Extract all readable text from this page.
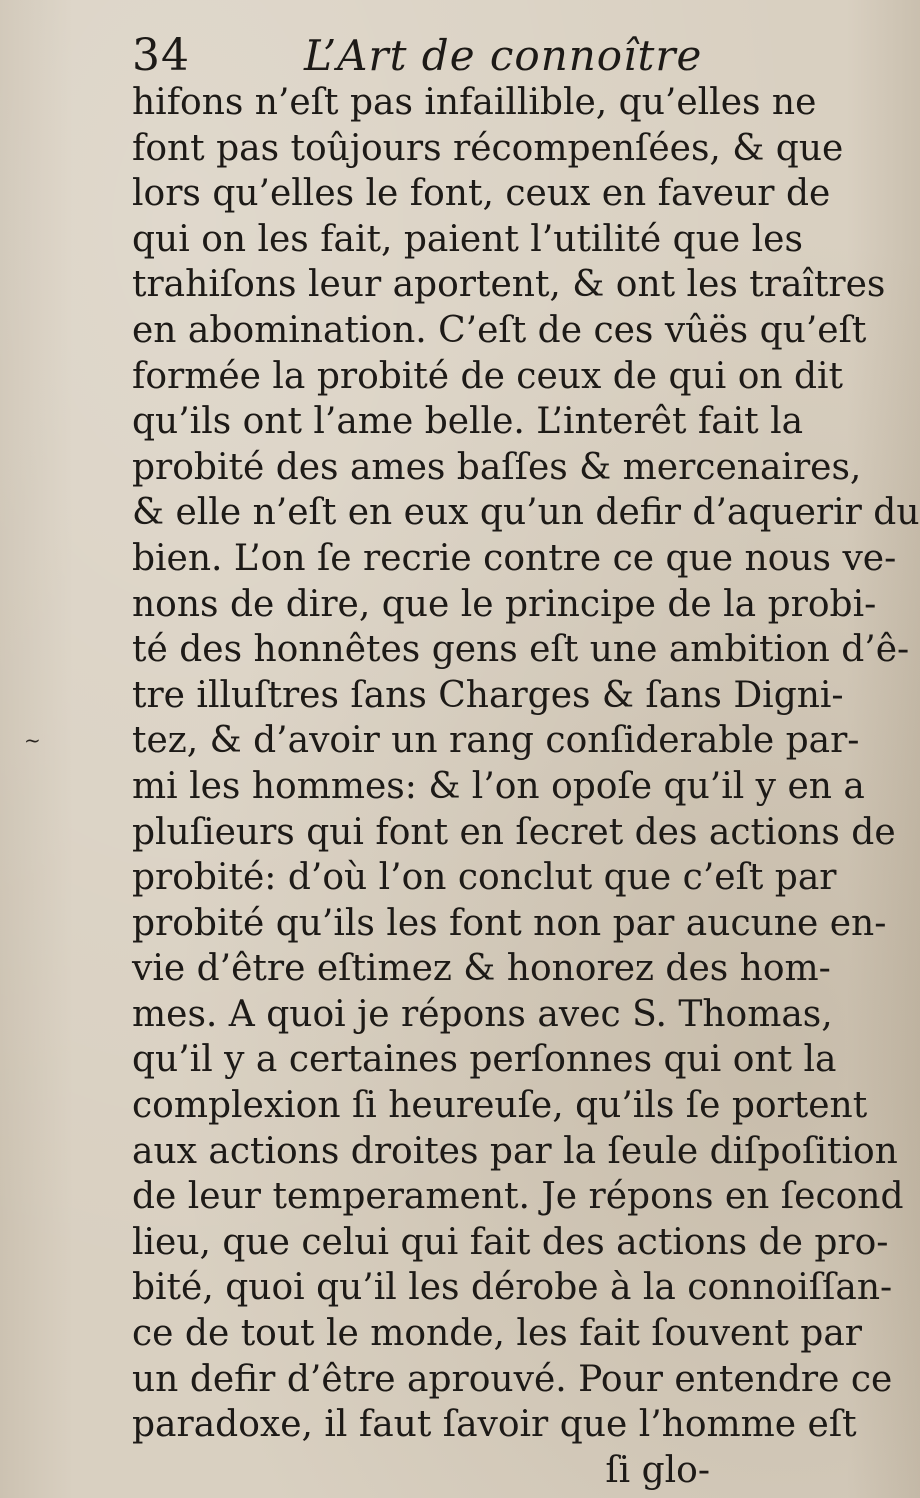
34	L’Art de connoître
~
hifons n’eſt pas infaillible, qu’elles ne
font pas toûjours récompenſées, & que
lors qu’elles le font, ceux en faveur de
qui on les fait, paient l’utilité que les
trahiſons leur aportent, & ont les traîtres
en abomination. C’eſt de ces vûës qu’eſt
formée la probité de ceux de qui on dit
qu’ils ont l’ame belle. L’interêt fait la
probité des ames baſſes & mercenaires,
& elle n’eſt en eux qu’un defir d’aquerir du
bien. L’on ſe recrie contre ce que nous ve-
nons de dire, que le principe de la probi-
té des honnêtes gens eſt une ambition d’ê-
tre illuſtres ſans Charges & ſans Digni-
tez, & d’avoir un rang conſiderable par-
mi les hommes: & l’on opoſe qu’il y en a
pluſieurs qui font en ſecret des actions de
probité: d’où l’on conclut que c’eſt par
probité qu’ils les font non par aucune en-
vie d’être eſtimez & honorez des hom-
mes. A quoi je répons avec S. Thomas,
qu’il y a certaines perſonnes qui ont la
complexion ſi heureuſe, qu’ils ſe portent
aux actions droites par la ſeule diſpoſition
de leur temperament. Je répons en ſecond
lieu, que celui qui fait des actions de pro-
bité, quoi qu’il les dérobe à la connoiſſan-
ce de tout le monde, les fait ſouvent par
un defir d’être aprouvé. Pour entendre ce
paradoxe, il faut ſavoir que l’homme eſt
ſi glo-
